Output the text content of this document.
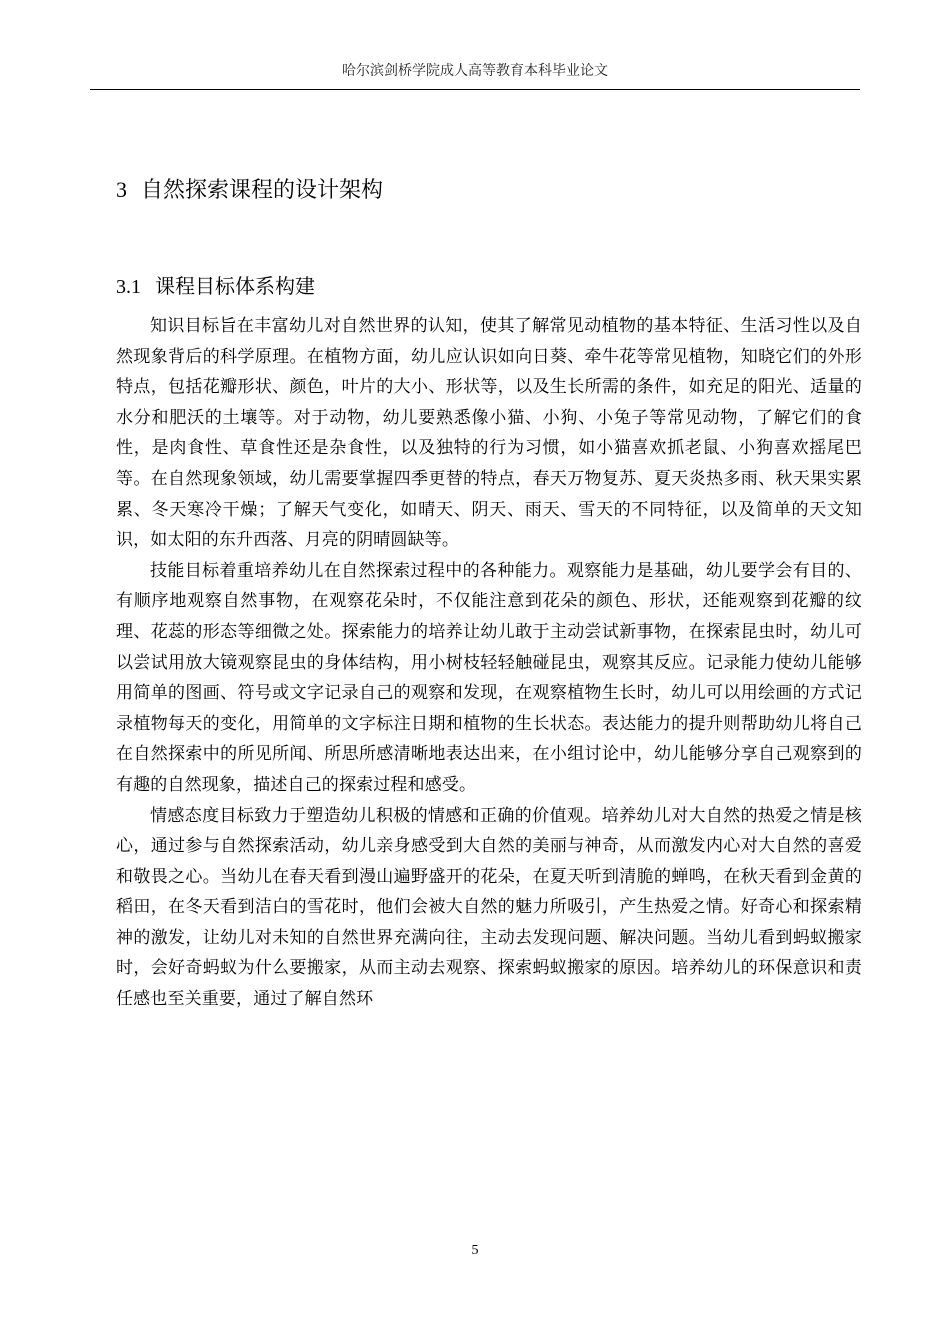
哈尔滨剑桥学院成人高等教育本科毕业论文
3 自然探索课程的设计架构
3.1 课程目标体系构建

知识目标旨在丰富幼儿对自然世界的认知，使其了解常见动植物的基本特征、生活习性以及自然现象背后的科学原理。在植物方面，幼儿应认识如向日葵、牵牛花等常见植物，知晓它们的外形特点，包括花瓣形状、颜色，叶片的大小、形状等，以及生长所需的条件，如充足的阳光、适量的水分和肥沃的土壤等。对于动物，幼儿要熟悉像小猫、小狗、小兔子等常见动物，了解它们的食性，是肉食性、草食性还是杂食性，以及独特的行为习惯，如小猫喜欢抓老鼠、小狗喜欢摇尾巴等。在自然现象领域，幼儿需要掌握四季更替的特点，春天万物复苏、夏天炎热多雨、秋天果实累累、冬天寒冷干燥；了解天气变化，如晴天、阴天、雨天、雪天的不同特征，以及简单的天文知识，如太阳的东升西落、月亮的阴晴圆缺等。

技能目标着重培养幼儿在自然探索过程中的各种能力。观察能力是基础，幼儿要学会有目的、有顺序地观察自然事物，在观察花朵时，不仅能注意到花朵的颜色、形状，还能观察到花瓣的纹理、花蕊的形态等细微之处。探索能力的培养让幼儿敢于主动尝试新事物，在探索昆虫时，幼儿可以尝试用放大镜观察昆虫的身体结构，用小树枝轻轻触碰昆虫，观察其反应。记录能力使幼儿能够用简单的图画、符号或文字记录自己的观察和发现，在观察植物生长时，幼儿可以用绘画的方式记录植物每天的变化，用简单的文字标注日期和植物的生长状态。表达能力的提升则帮助幼儿将自己在自然探索中的所见所闻、所思所感清晰地表达出来，在小组讨论中，幼儿能够分享自己观察到的有趣的自然现象，描述自己的探索过程和感受。

情感态度目标致力于塑造幼儿积极的情感和正确的价值观。培养幼儿对大自然的热爱之情是核心，通过参与自然探索活动，幼儿亲身感受到大自然的美丽与神奇，从而激发内心对大自然的喜爱和敬畏之心。当幼儿在春天看到漫山遍野盛开的花朵，在夏天听到清脆的蝉鸣，在秋天看到金黄的稻田，在冬天看到洁白的雪花时，他们会被大自然的魅力所吸引，产生热爱之情。好奇心和探索精神的激发，让幼儿对未知的自然世界充满向往，主动去发现问题、解决问题。当幼儿看到蚂蚁搬家时，会好奇蚂蚁为什么要搬家，从而主动去观察、探索蚂蚁搬家的原因。培养幼儿的环保意识和责任感也至关重要，通过了解自然环

5
